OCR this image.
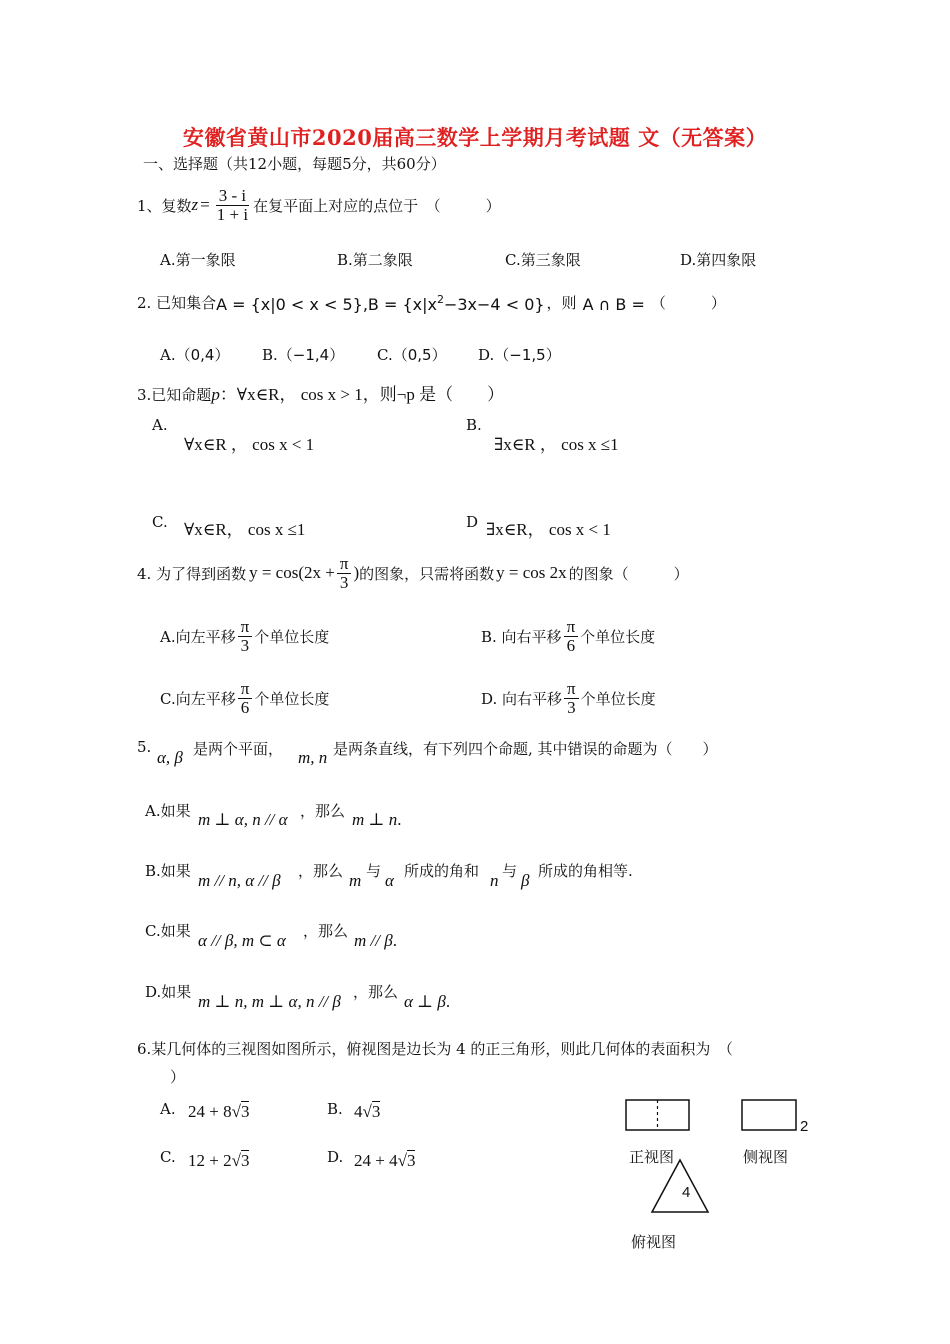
安徽省黄山市2020届高三数学上学期月考试题 文（无答案）
一、选择题（共12小题，每题5分，共60分）
1、复数 $z = \frac{3 - i}{1 + i}$ 在复平面上对应的点位于　（　　　）
A.第一象限	B.第二象限	C.第三象限	D.第四象限
2. 已知集合 $A = \{x|0 < x < 5\},B = \{x|x^2 -3x-4 < 0\}$ ，则 A ∩ B = （　　　）
A.（0,4） B.（−1,4） C.（0,5） D.（−1,5）
3.已知命题p：∀x∈R， cos x > 1，则¬p 是（　　）
A.
∀x∈R ， cos x < 1
B.
∃x∈R ， cos x ≤1
C. ∀x∈R， cos x ≤1	D ∃x∈R， cos x < 1
4. 为了得到函数 $y = \cos(2x + \frac{\pi}{3}$ ) 的图象，只需将函数 y = cos 2x 的图象（　　　）
A.向左平移 $\frac{\pi}{3}$ 个单位长度	B. 向右平移 $\frac{\pi}{6}$ 个单位长度
C.向左平移 $\frac{\pi}{6}$ 个单位长度	D. 向右平移 $\frac{\pi}{3}$ 个单位长度
5.
α, β 是两个平面， m, n 是两条直线，有下列四个命题, 其中错误的命题为（　　）
A.如果 m ⊥ α, n // α ，那么 m ⊥ n.
B.如果 m // n, α // β ，那么 m 与 α 所成的角和 n 与 β 所成的角相等.
C.如果 α // β, m ⊂ α ，那么 m // β.
D.如果 m ⊥ n, m ⊥ α, n // β ，那么 α ⊥ β.
6.某几何体的三视图如图所示，俯视图是边长为 4 的正三角形，则此几何体的表面积为　（
）
A. 24 + 8√3	B. 4√3
C. 12 + 2√3	D. 24 + 4√3	正视图	侧视图
2
4
俯视图
